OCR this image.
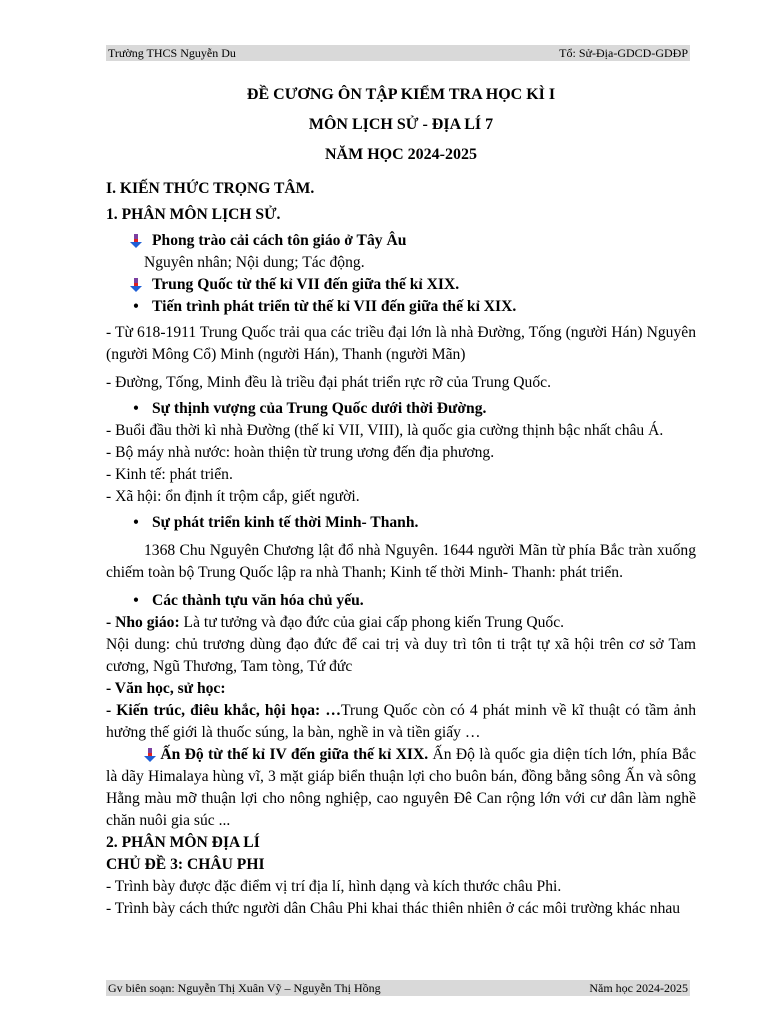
Trường THCS Nguyễn Du	Tổ: Sử-Địa-GDCD-GDĐP
ĐỀ CƯƠNG ÔN TẬP KIỂM TRA HỌC KÌ I
MÔN LỊCH SỬ - ĐỊA LÍ 7
NĂM HỌC 2024-2025
I. KIẾN THỨC TRỌNG TÂM.
1. PHÂN MÔN LỊCH SỬ.
Phong trào cải cách tôn giáo ở Tây Âu
Nguyên nhân; Nội dung; Tác động.
Trung Quốc từ thế kỉ VII đến giữa thế kỉ XIX.
• Tiến trình phát triển từ thế kỉ VII đến giữa thế kỉ XIX.
- Từ 618-1911 Trung Quốc trải qua các triều đại lớn là nhà Đường, Tống (người Hán) Nguyên (người Mông Cổ) Minh (người Hán), Thanh (người Mãn)
- Đường, Tống, Minh đều là triều đại phát triển rực rỡ của Trung Quốc.
• Sự thịnh vượng của Trung Quốc dưới thời Đường.
- Buổi đầu thời kì nhà Đường (thế kỉ VII, VIII), là quốc gia cường thịnh bậc nhất châu Á.
- Bộ máy nhà nước: hoàn thiện từ trung ương đến địa phương.
- Kinh tế: phát triển.
- Xã hội: ổn định ít trộm cắp, giết người.
• Sự phát triển kinh tế thời Minh- Thanh.
1368 Chu Nguyên Chương lật đổ nhà Nguyên. 1644 người Mãn từ phía Bắc tràn xuống chiếm toàn bộ Trung Quốc lập ra nhà Thanh; Kinh tế thời Minh- Thanh: phát triển.
• Các thành tựu văn hóa chủ yếu.
- Nho giáo: Là tư tưởng và đạo đức của giai cấp phong kiến Trung Quốc.
Nội dung: chủ trương dùng đạo đức để cai trị và duy trì tôn ti trật tự xã hội trên cơ sở Tam cương, Ngũ Thương, Tam tòng, Tứ đức
- Văn học, sử học:
- Kiến trúc, điêu khắc, hội họa: …Trung Quốc còn có 4 phát minh về kĩ thuật có tầm ảnh hưởng thế giới là thuốc súng, la bàn, nghề in và tiền giấy …
Ấn Độ từ thế kỉ IV đến giữa thế kỉ XIX. Ấn Độ là quốc gia diện tích lớn, phía Bắc là dãy Himalaya hùng vĩ, 3 mặt giáp biển thuận lợi cho buôn bán, đồng bằng sông Ấn và sông Hằng màu mỡ thuận lợi cho nông nghiệp, cao nguyên Đê Can rộng lớn với cư dân làm nghề chăn nuôi gia súc ...
2. PHÂN MÔN ĐỊA LÍ
CHỦ ĐỀ 3: CHÂU PHI
- Trình bày được đặc điểm vị trí địa lí, hình dạng và kích thước châu Phi.
- Trình bày cách thức người dân Châu Phi khai thác thiên nhiên ở các môi trường khác nhau
Gv biên soạn: Nguyễn Thị Xuân Vỹ – Nguyễn Thị Hồng	Năm học 2024-2025
